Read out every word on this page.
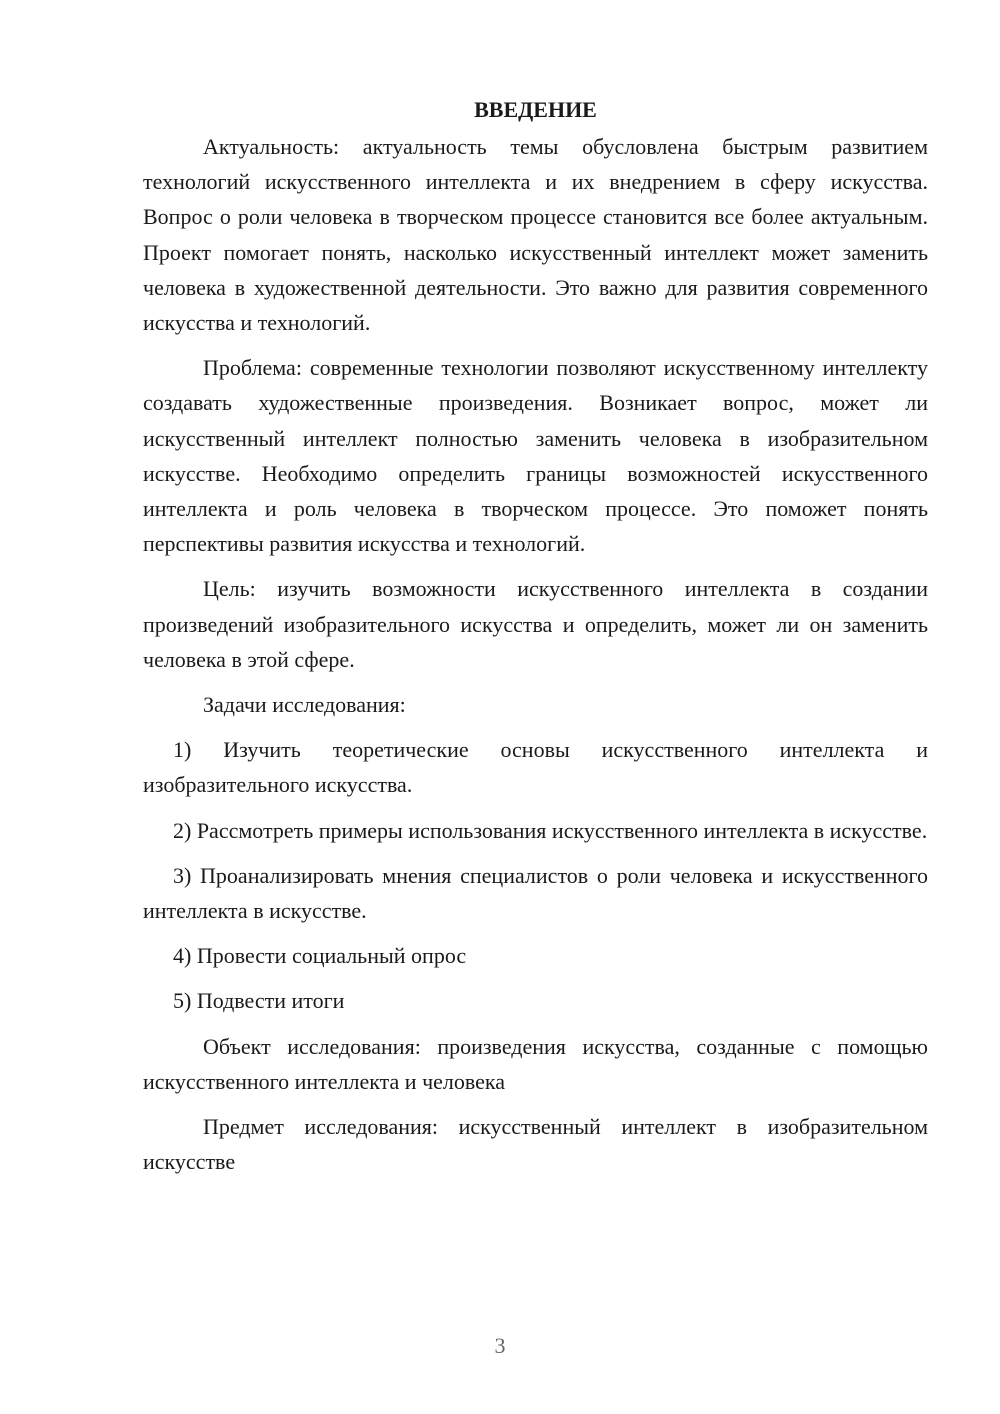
ВВЕДЕНИЕ

Актуальность: актуальность темы обусловлена быстрым развитием технологий искусственного интеллекта и их внедрением в сферу искусства. Вопрос о роли человека в творческом процессе становится все более актуальным. Проект помогает понять, насколько искусственный интеллект может заменить человека в художественной деятельности. Это важно для развития современного искусства и технологий.

Проблема: современные технологии позволяют искусственному интеллекту создавать художественные произведения. Возникает вопрос, может ли искусственный интеллект полностью заменить человека в изобразительном искусстве. Необходимо определить границы возможностей искусственного интеллекта и роль человека в творческом процессе. Это поможет понять перспективы развития искусства и технологий.

Цель: изучить возможности искусственного интеллекта в создании произведений изобразительного искусства и определить, может ли он заменить человека в этой сфере.

Задачи исследования:

1) Изучить теоретические основы искусственного интеллекта и изобразительного искусства.

2) Рассмотреть примеры использования искусственного интеллекта в искусстве.

3) Проанализировать мнения специалистов о роли человека и искусственного интеллекта в искусстве.

4) Провести социальный опрос

5) Подвести итоги

Объект исследования: произведения искусства, созданные с помощью искусственного интеллекта и человека

Предмет исследования: искусственный интеллект в изобразительном искусстве

3
